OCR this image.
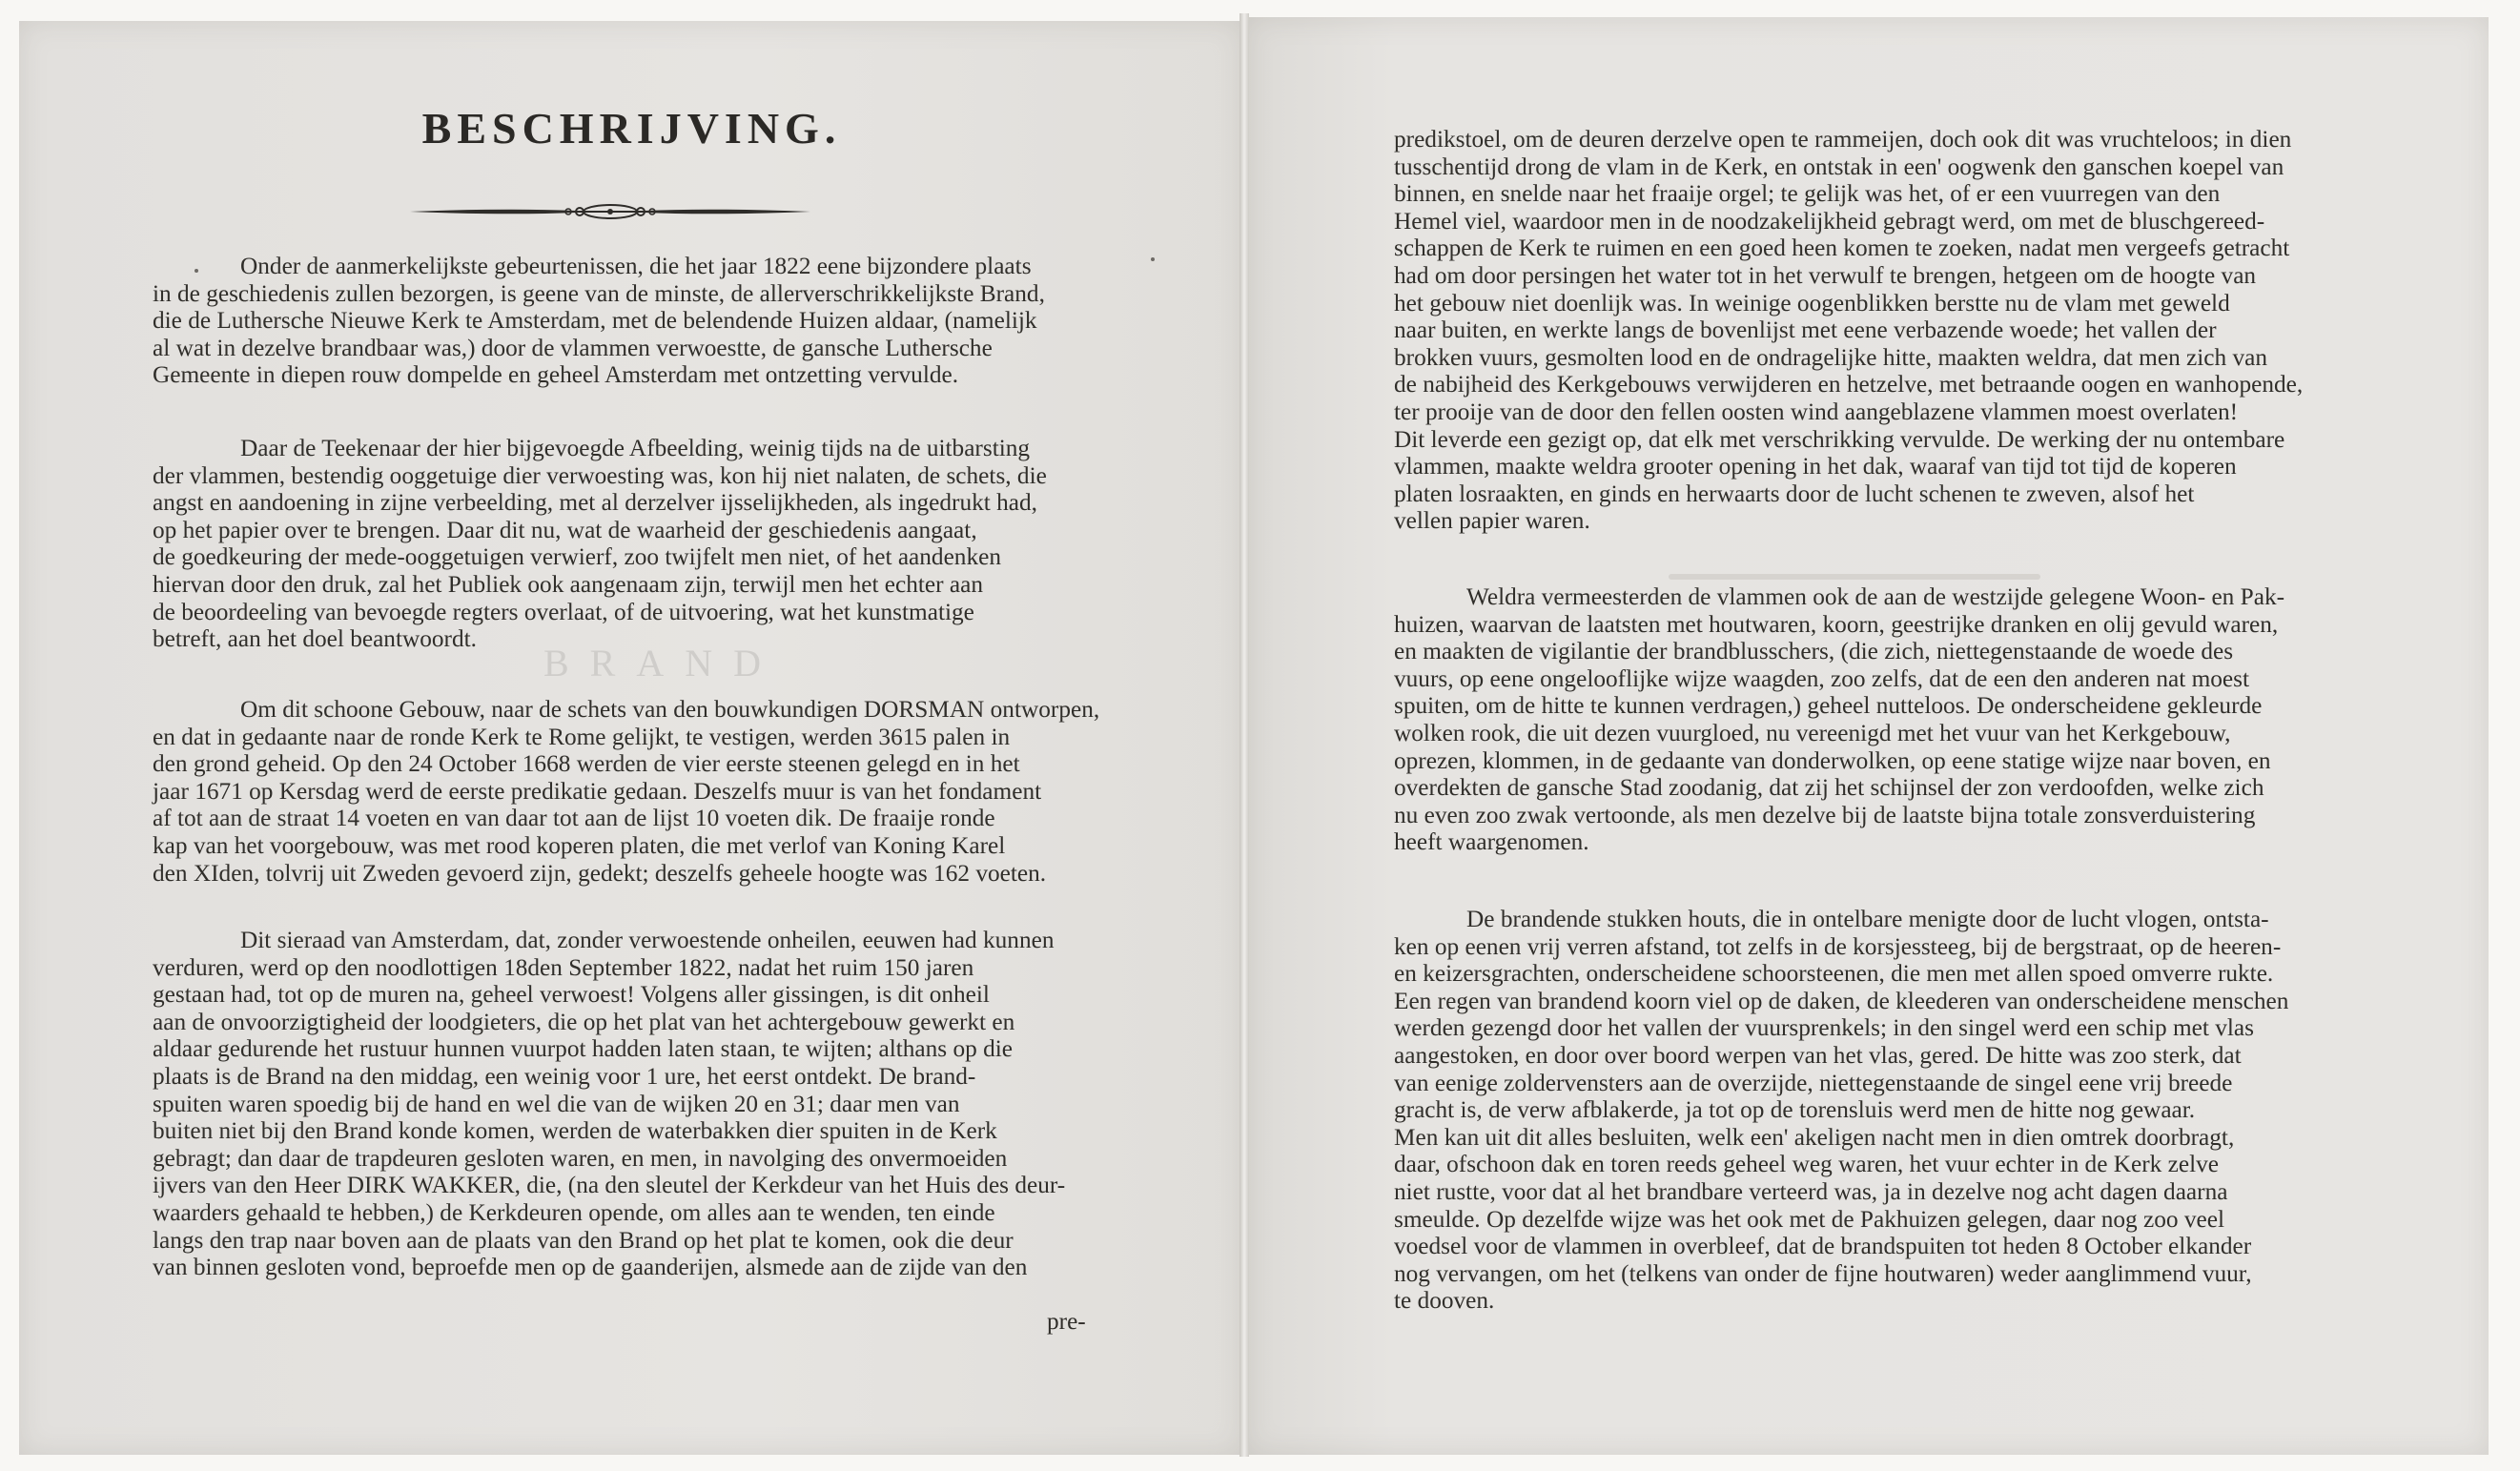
BESCHRIJVING.
BRAND
Onder de aanmerkelijkste gebeurtenissen, die het jaar 1822 eene bijzondere plaats
in de geschiedenis zullen bezorgen, is geene van de minste, de allerverschrikkelijkste Brand,
die de Luthersche Nieuwe Kerk te Amsterdam, met de belendende Huizen aldaar, (namelijk
al wat in dezelve brandbaar was,) door de vlammen verwoestte, de gansche Luthersche
Gemeente in diepen rouw dompelde en geheel Amsterdam met ontzetting vervulde.
Daar de Teekenaar der hier bijgevoegde Afbeelding, weinig tijds na de uitbarsting
der vlammen, bestendig ooggetuige dier verwoesting was, kon hij niet nalaten, de schets, die
angst en aandoening in zijne verbeelding, met al derzelver ijsselijkheden, als ingedrukt had,
op het papier over te brengen. Daar dit nu, wat de waarheid der geschiedenis aangaat,
de goedkeuring der mede-ooggetuigen verwierf, zoo twijfelt men niet, of het aandenken
hiervan door den druk, zal het Publiek ook aangenaam zijn, terwijl men het echter aan
de beoordeeling van bevoegde regters overlaat, of de uitvoering, wat het kunstmatige
betreft, aan het doel beantwoordt.
Om dit schoone Gebouw, naar de schets van den bouwkundigen DORSMAN ontworpen,
en dat in gedaante naar de ronde Kerk te Rome gelijkt, te vestigen, werden 3615 palen in
den grond geheid. Op den 24 October 1668 werden de vier eerste steenen gelegd en in het
jaar 1671 op Kersdag werd de eerste predikatie gedaan. Deszelfs muur is van het fondament
af tot aan de straat 14 voeten en van daar tot aan de lijst 10 voeten dik. De fraaije ronde
kap van het voorgebouw, was met rood koperen platen, die met verlof van Koning Karel
den XIden, tolvrij uit Zweden gevoerd zijn, gedekt; deszelfs geheele hoogte was 162 voeten.
Dit sieraad van Amsterdam, dat, zonder verwoestende onheilen, eeuwen had kunnen
verduren, werd op den noodlottigen 18den September 1822, nadat het ruim 150 jaren
gestaan had, tot op de muren na, geheel verwoest! Volgens aller gissingen, is dit onheil
aan de onvoorzigtigheid der loodgieters, die op het plat van het achtergebouw gewerkt en
aldaar gedurende het rustuur hunnen vuurpot hadden laten staan, te wijten; althans op die
plaats is de Brand na den middag, een weinig voor 1 ure, het eerst ontdekt. De brand-
spuiten waren spoedig bij de hand en wel die van de wijken 20 en 31; daar men van
buiten niet bij den Brand konde komen, werden de waterbakken dier spuiten in de Kerk
gebragt; dan daar de trapdeuren gesloten waren, en men, in navolging des onvermoeiden
ijvers van den Heer DIRK WAKKER, die, (na den sleutel der Kerkdeur van het Huis des deur-
waarders gehaald te hebben,) de Kerkdeuren opende, om alles aan te wenden, ten einde
langs den trap naar boven aan de plaats van den Brand op het plat te komen, ook die deur
van binnen gesloten vond, beproefde men op de gaanderijen, alsmede aan de zijde van den
pre-
predikstoel, om de deuren derzelve open te rammeijen, doch ook dit was vruchteloos; in dien
tusschentijd drong de vlam in de Kerk, en ontstak in een' oogwenk den ganschen koepel van
binnen, en snelde naar het fraaije orgel; te gelijk was het, of er een vuurregen van den
Hemel viel, waardoor men in de noodzakelijkheid gebragt werd, om met de bluschgereed-
schappen de Kerk te ruimen en een goed heen komen te zoeken, nadat men vergeefs getracht
had om door persingen het water tot in het verwulf te brengen, hetgeen om de hoogte van
het gebouw niet doenlijk was. In weinige oogenblikken berstte nu de vlam met geweld
naar buiten, en werkte langs de bovenlijst met eene verbazende woede; het vallen der
brokken vuurs, gesmolten lood en de ondragelijke hitte, maakten weldra, dat men zich van
de nabijheid des Kerkgebouws verwijderen en hetzelve, met betraande oogen en wanhopende,
ter prooije van de door den fellen oosten wind aangeblazene vlammen moest overlaten!
Dit leverde een gezigt op, dat elk met verschrikking vervulde. De werking der nu ontembare
vlammen, maakte weldra grooter opening in het dak, waaraf van tijd tot tijd de koperen
platen losraakten, en ginds en herwaarts door de lucht schenen te zweven, alsof het
vellen papier waren.
Weldra vermeesterden de vlammen ook de aan de westzijde gelegene Woon- en Pak-
huizen, waarvan de laatsten met houtwaren, koorn, geestrijke dranken en olij gevuld waren,
en maakten de vigilantie der brandblusschers, (die zich, niettegenstaande de woede des
vuurs, op eene ongelooflijke wijze waagden, zoo zelfs, dat de een den anderen nat moest
spuiten, om de hitte te kunnen verdragen,) geheel nutteloos. De onderscheidene gekleurde
wolken rook, die uit dezen vuurgloed, nu vereenigd met het vuur van het Kerkgebouw,
oprezen, klommen, in de gedaante van donderwolken, op eene statige wijze naar boven, en
overdekten de gansche Stad zoodanig, dat zij het schijnsel der zon verdoofden, welke zich
nu even zoo zwak vertoonde, als men dezelve bij de laatste bijna totale zonsverduistering
heeft waargenomen.
De brandende stukken houts, die in ontelbare menigte door de lucht vlogen, ontsta-
ken op eenen vrij verren afstand, tot zelfs in de korsjessteeg, bij de bergstraat, op de heeren-
en keizersgrachten, onderscheidene schoorsteenen, die men met allen spoed omverre rukte.
Een regen van brandend koorn viel op de daken, de kleederen van onderscheidene menschen
werden gezengd door het vallen der vuursprenkels; in den singel werd een schip met vlas
aangestoken, en door over boord werpen van het vlas, gered. De hitte was zoo sterk, dat
van eenige zoldervensters aan de overzijde, niettegenstaande de singel eene vrij breede
gracht is, de verw afblakerde, ja tot op de torensluis werd men de hitte nog gewaar.
Men kan uit dit alles besluiten, welk een' akeligen nacht men in dien omtrek doorbragt,
daar, ofschoon dak en toren reeds geheel weg waren, het vuur echter in de Kerk zelve
niet rustte, voor dat al het brandbare verteerd was, ja in dezelve nog acht dagen daarna
smeulde. Op dezelfde wijze was het ook met de Pakhuizen gelegen, daar nog zoo veel
voedsel voor de vlammen in overbleef, dat de brandspuiten tot heden 8 October elkander
nog vervangen, om het (telkens van onder de fijne houtwaren) weder aanglimmend vuur,
te dooven.
